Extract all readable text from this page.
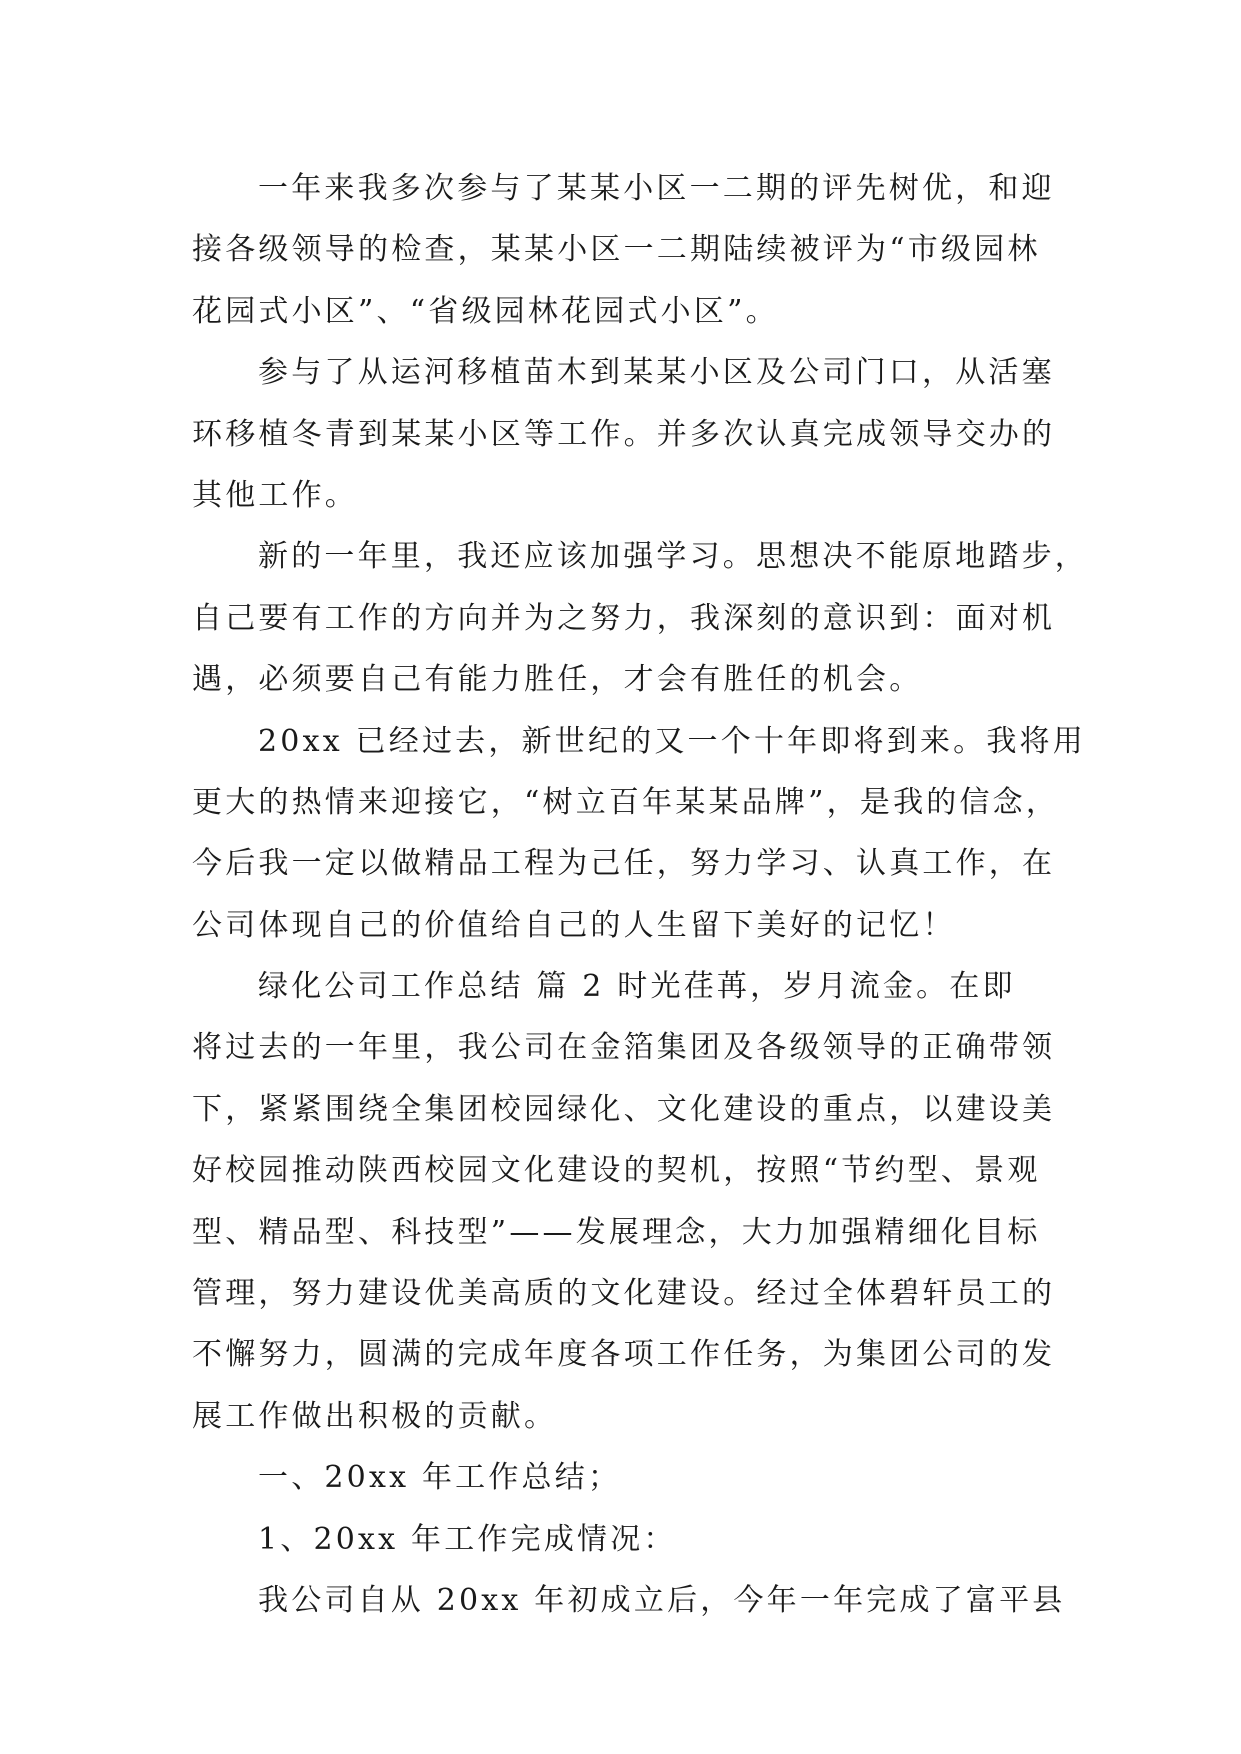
一年来我多次参与了某某小区一二期的评先树优，和迎
接各级领导的检查，某某小区一二期陆续被评为“市级园林
花园式小区”、“省级园林花园式小区”。
参与了从运河移植苗木到某某小区及公司门口，从活塞
环移植冬青到某某小区等工作。并多次认真完成领导交办的
其他工作。
新的一年里，我还应该加强学习。思想决不能原地踏步，
自己要有工作的方向并为之努力，我深刻的意识到：面对机
遇，必须要自己有能力胜任，才会有胜任的机会。
20xx 已经过去，新世纪的又一个十年即将到来。我将用
更大的热情来迎接它，“树立百年某某品牌”，是我的信念，
今后我一定以做精品工程为己任，努力学习、认真工作，在
公司体现自己的价值给自己的人生留下美好的记忆！
绿化公司工作总结 篇 2 时光荏苒，岁月流金。在即
将过去的一年里，我公司在金箔集团及各级领导的正确带领
下，紧紧围绕全集团校园绿化、文化建设的重点，以建设美
好校园推动陕西校园文化建设的契机，按照“节约型、景观
型、精品型、科技型”——发展理念，大力加强精细化目标
管理，努力建设优美高质的文化建设。经过全体碧轩员工的
不懈努力，圆满的完成年度各项工作任务，为集团公司的发
展工作做出积极的贡献。
一、20xx 年工作总结；
1、20xx 年工作完成情况：
我公司自从 20xx 年初成立后，今年一年完成了富平县
